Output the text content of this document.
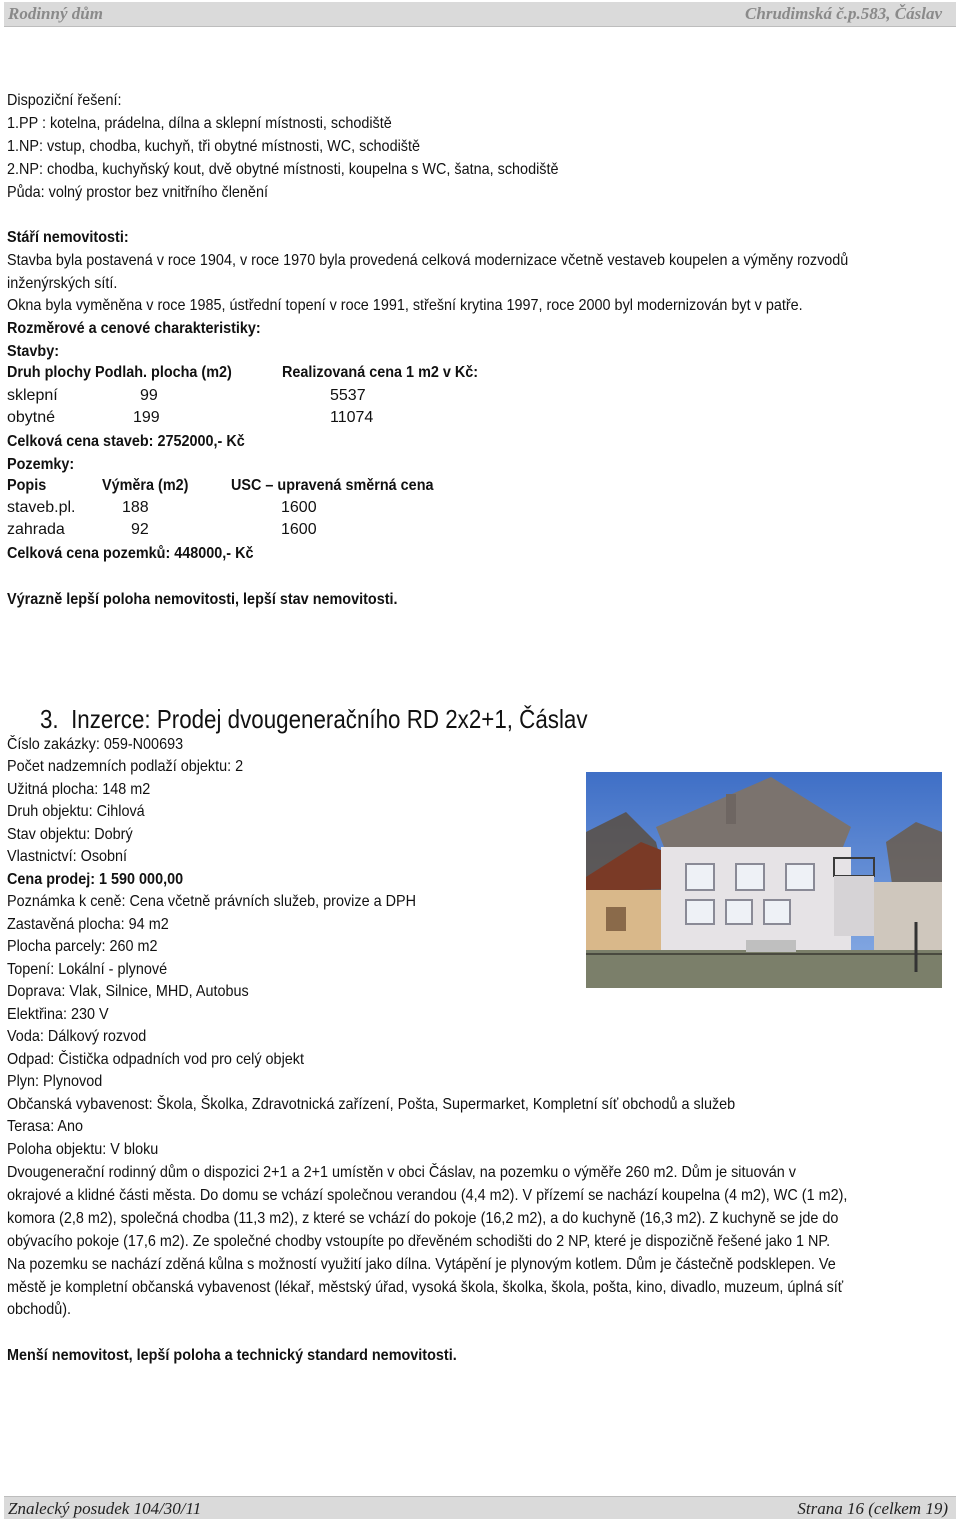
Rodinný dům	Chrudimská č.p.583, Čáslav
Dispoziční řešení:
1.PP : kotelna, prádelna, dílna a sklepní místnosti, schodiště
1.NP: vstup, chodba, kuchyň, tři obytné místnosti, WC, schodiště
2.NP: chodba, kuchyňský kout, dvě obytné místnosti, koupelna s WC, šatna, schodiště
Půda: volný prostor bez vnitřního členění
Stáří nemovitosti:
Stavba byla postavená v roce 1904, v roce 1970 byla provedená celková modernizace včetně vestaveb koupelen a výměny rozvodů
inženýrských sítí.
Okna byla vyměněna v roce 1985, ústřední topení v roce 1991, střešní krytina 1997, roce 2000 byl modernizován byt v patře.
Rozměrové a cenové charakteristiky:
Stavby:
Druh plochy Podlah. plocha (m2)	Realizovaná cena 1 m2 v Kč:
sklepní	99	5537
obytné	199	11074
Celková cena staveb: 2752000,- Kč
Pozemky:
Popis	Výměra (m2)	USC – upravená směrná cena
staveb.pl.	188	1600
zahrada	92	1600
Celková cena pozemků: 448000,- Kč
Výrazně lepší poloha nemovitosti, lepší stav nemovitosti.
3. Inzerce: Prodej dvougeneračního RD 2x2+1, Čáslav
Číslo zakázky: 059-N00693
Počet nadzemních podlaží objektu: 2
Užitná plocha: 148 m2
Druh objektu: Cihlová
Stav objektu: Dobrý
Vlastnictví: Osobní
Cena prodej: 1 590 000,00
Poznámka k ceně: Cena včetně právních služeb, provize a DPH
Zastavěná plocha: 94 m2
Plocha parcely: 260 m2
Topení: Lokální - plynové
Doprava: Vlak, Silnice, MHD, Autobus
Elektřina: 230 V
Voda: Dálkový rozvod
Odpad: Čistička odpadních vod pro celý objekt
Plyn: Plynovod
Občanská vybavenost: Škola, Školka, Zdravotnická zařízení, Pošta, Supermarket, Kompletní síť obchodů a služeb
Terasa: Ano
Poloha objektu: V bloku
Dvougenerační rodinný dům o dispozici 2+1 a 2+1 umístěn v obci Čáslav, na pozemku o výměře 260 m2. Dům je situován v
okrajové a klidné části města. Do domu se vchází společnou verandou (4,4 m2). V přízemí se nachází koupelna (4 m2), WC (1 m2),
komora (2,8 m2), společná chodba (11,3 m2), z které se vchází do pokoje (16,2 m2), a do kuchyně (16,3 m2). Z kuchyně se jde do
obývacího pokoje (17,6 m2). Ze společné chodby vstoupíte po dřevěném schodišti do 2 NP, které je dispozičně řešené jako 1 NP.
Na pozemku se nachází zděná kůlna s možností využití jako dílna. Vytápění je plynovým kotlem. Dům je částečně podsklepen. Ve
městě je kompletní občanská vybavenost (lékař, městský úřad, vysoká škola, školka, škola, pošta, kino, divadlo, muzeum, úplná síť
obchodů).
Menší nemovitost, lepší poloha a technický standard nemovitosti.
Znalecký posudek 104/30/11	Strana 16 (celkem 19)
